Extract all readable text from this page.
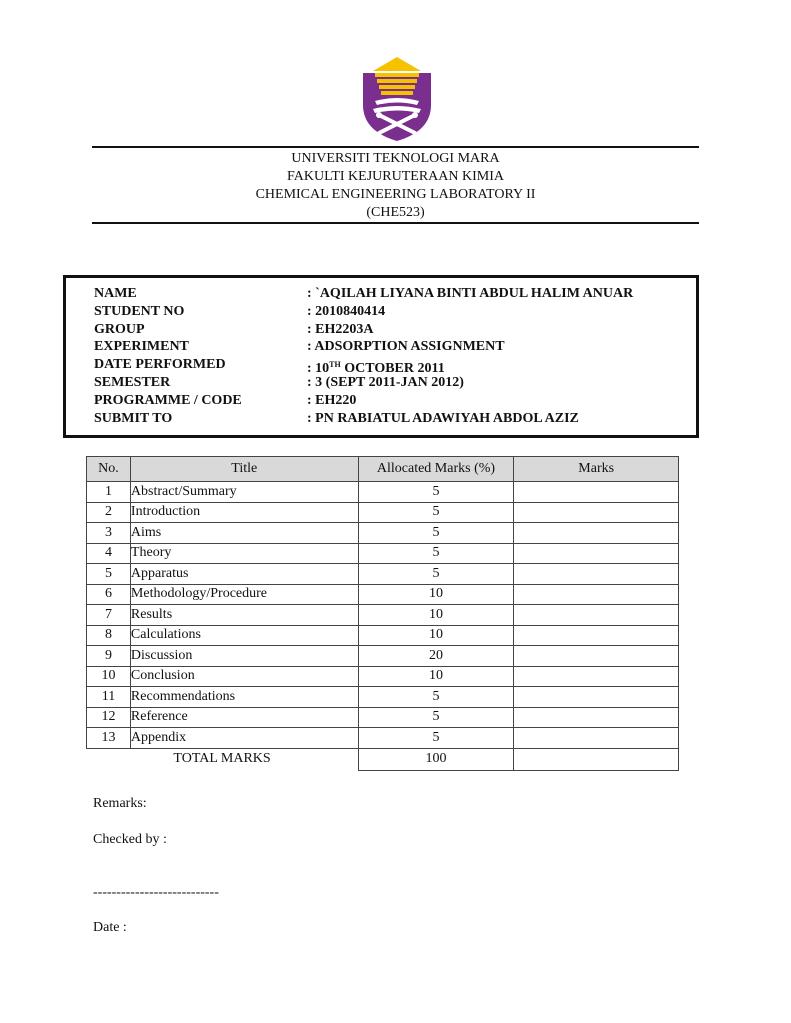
UNIVERSITI TEKNOLOGI MARA
FAKULTI KEJURUTERAAN KIMIA
CHEMICAL ENGINEERING LABORATORY II
(CHE523)
NAME	: `AQILAH LIYANA BINTI ABDUL HALIM ANUAR
STUDENT NO	: 2010840414
GROUP	: EH2203A
EXPERIMENT	: ADSORPTION ASSIGNMENT
DATE PERFORMED	: 10TH OCTOBER 2011
SEMESTER	: 3 (SEPT 2011-JAN 2012)
PROGRAMME / CODE	: EH220
SUBMIT TO	: PN RABIATUL ADAWIYAH ABDOL AZIZ
No.	Title	Allocated Marks (%)	Marks
1	Abstract/Summary	5	
2	Introduction	5	
3	Aims	5	
4	Theory	5	
5	Apparatus	5	
6	Methodology/Procedure	10	
7	Results	10	
8	Calculations	10	
9	Discussion	20	
10	Conclusion	10	
11	Recommendations	5	
12	Reference	5	
13	Appendix	5	
TOTAL MARKS		100	
Remarks:
Checked by :
---------------------------
Date :
